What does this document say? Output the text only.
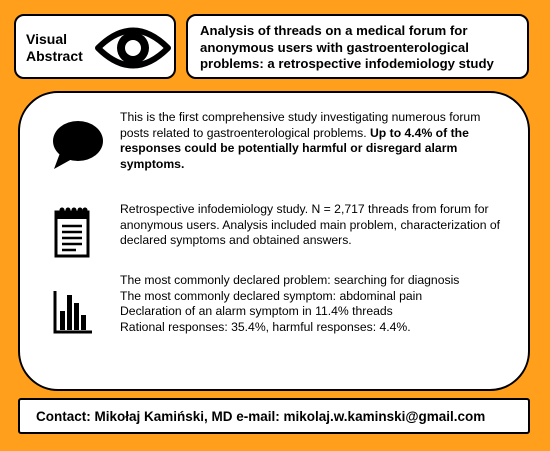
Visual
Abstract
Analysis of threads on a medical forum for anonymous users with gastroenterological problems: a retrospective infodemiology study
This is the first comprehensive study investigating numerous forum posts related to gastroenterological problems. Up to 4.4% of the responses could be potentially harmful or disregard alarm symptoms.
Retrospective infodemiology study. N = 2,717 threads from forum for anonymous users. Analysis included main problem, characterization of declared symptoms and obtained answers.
The most commonly declared problem: searching for diagnosis
The most commonly declared symptom: abdominal pain
Declaration of an alarm symptom in 11.4% threads
Rational responses: 35.4%, harmful responses: 4.4%.
Contact: Mikołaj Kamiński, MD e-mail: mikolaj.w.kaminski@gmail.com
